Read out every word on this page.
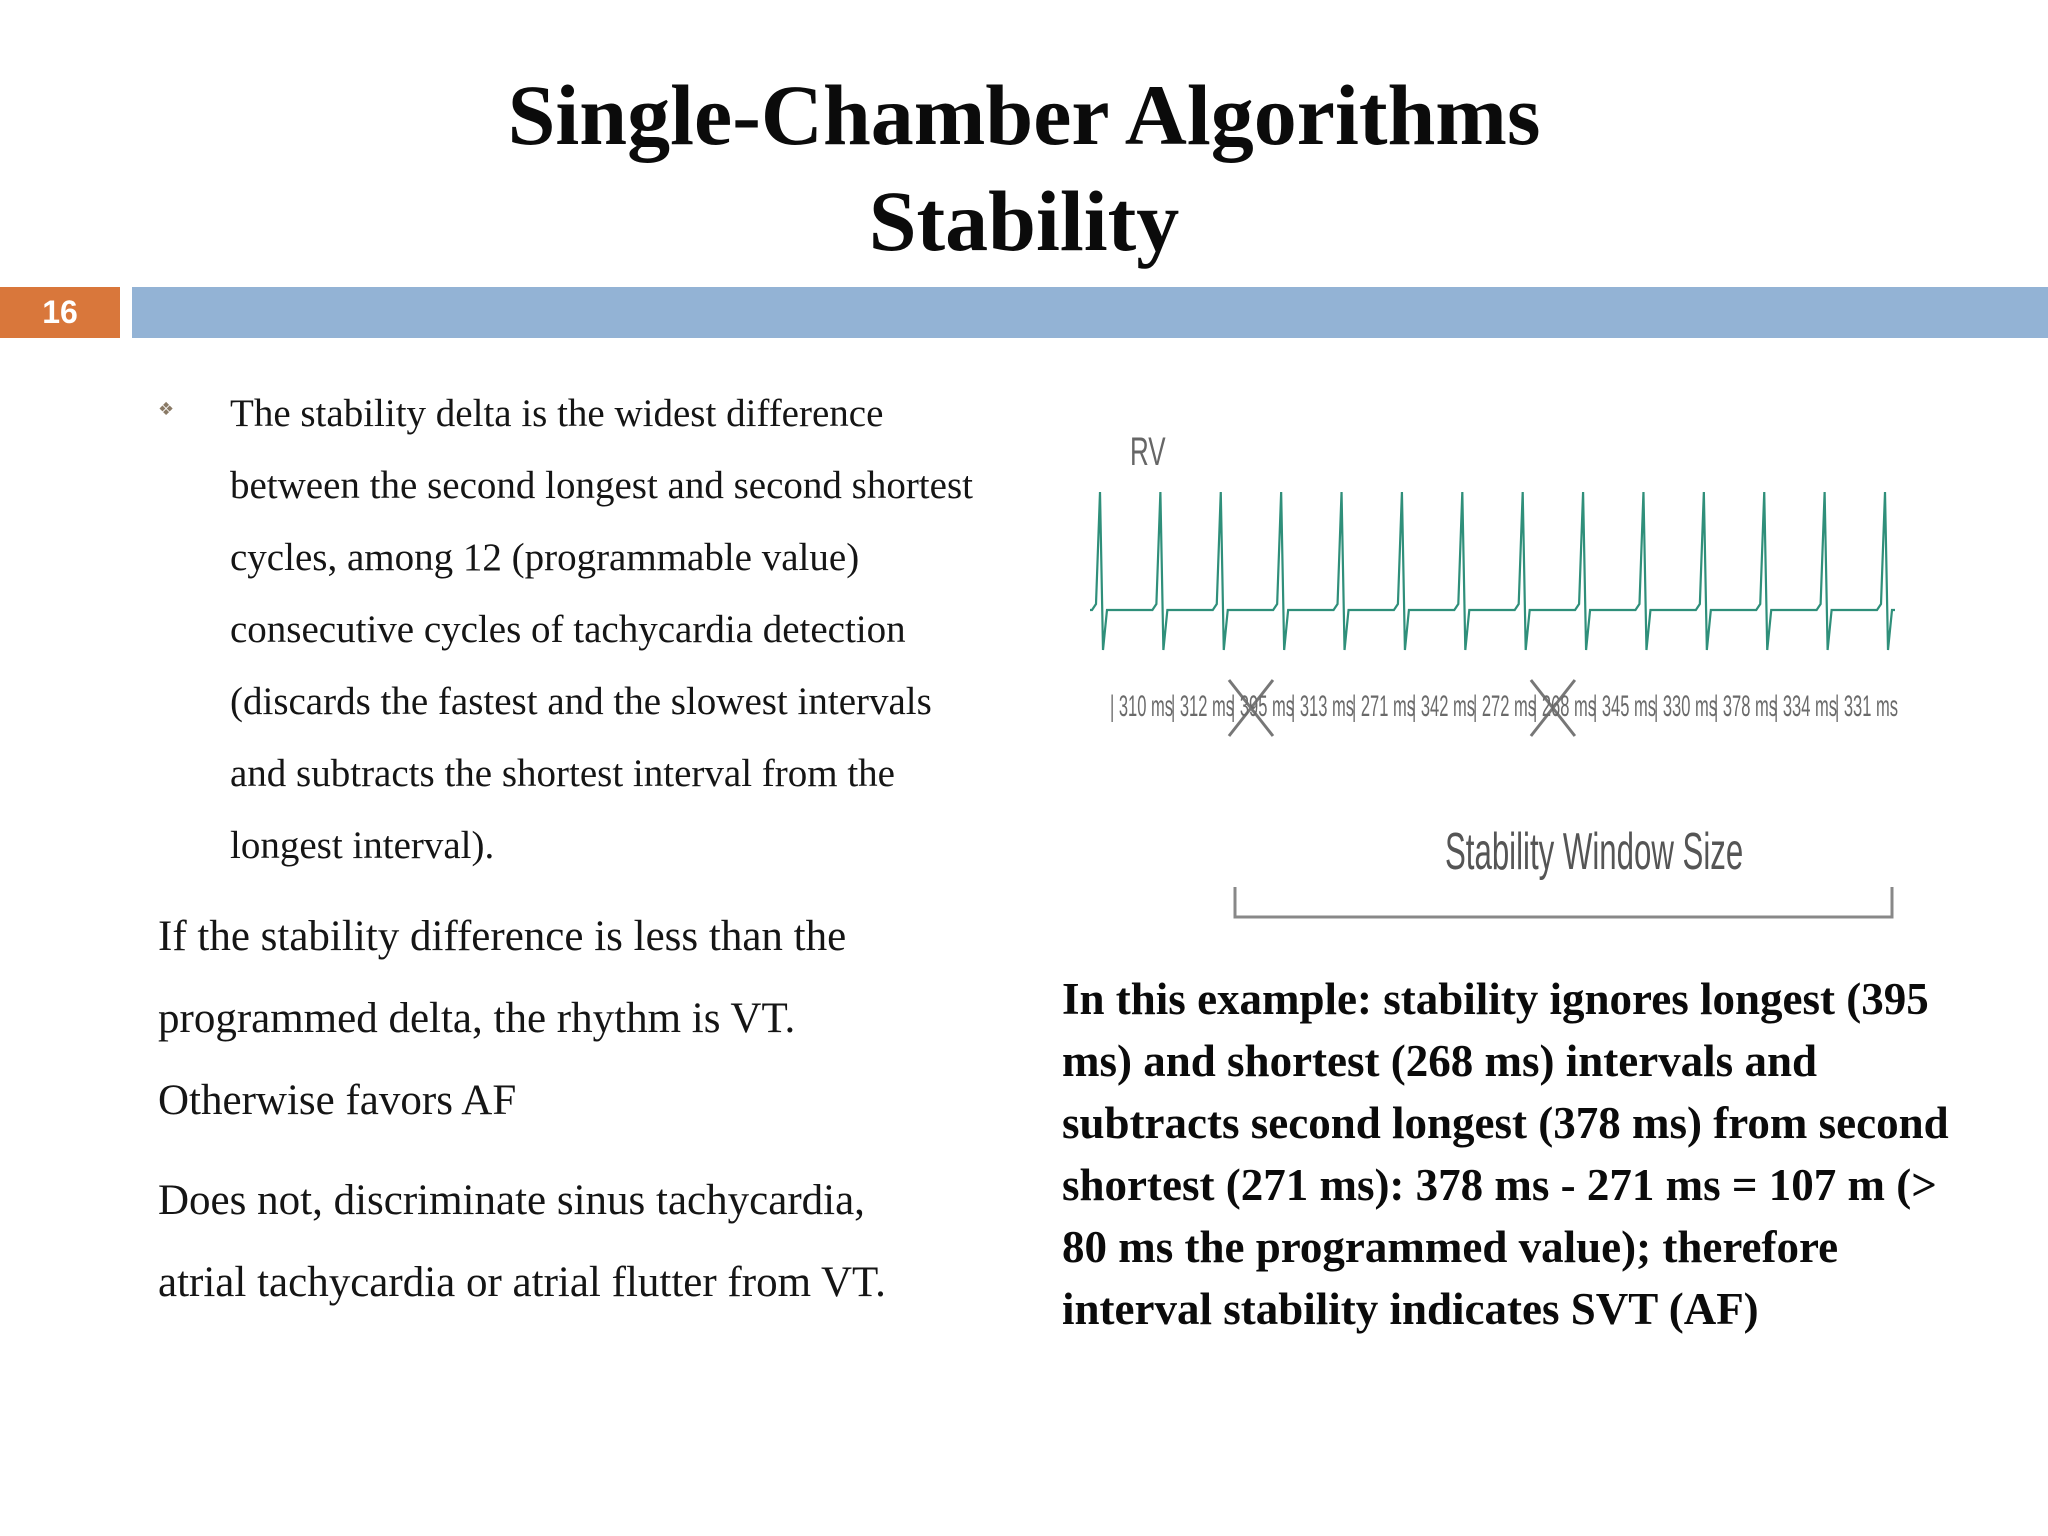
Single-Chamber Algorithms
Stability
16
❖ The stability delta is the widest difference between the second longest and second shortest cycles, among 12 (programmable value) consecutive cycles of tachycardia detection (discards the fastest and the slowest intervals and subtracts the shortest interval from the longest interval).
If the stability difference is less than the programmed delta, the rhythm is VT. Otherwise favors AF
Does not, discriminate sinus tachycardia, atrial tachycardia or atrial flutter from VT.
RV
| 310 ms
| 312 ms
| 395 ms
| 313 ms
| 271 ms
| 342 ms
| 272 ms
| 268 ms
| 345 ms
| 330 ms
| 378 ms
| 334 ms
| 331 ms
Stability Window Size
In this example: stability ignores longest (395 ms) and shortest (268 ms) intervals and subtracts second longest (378 ms) from second shortest (271 ms): 378 ms - 271 ms = 107 m (> 80 ms the programmed value); therefore interval stability indicates SVT (AF)
